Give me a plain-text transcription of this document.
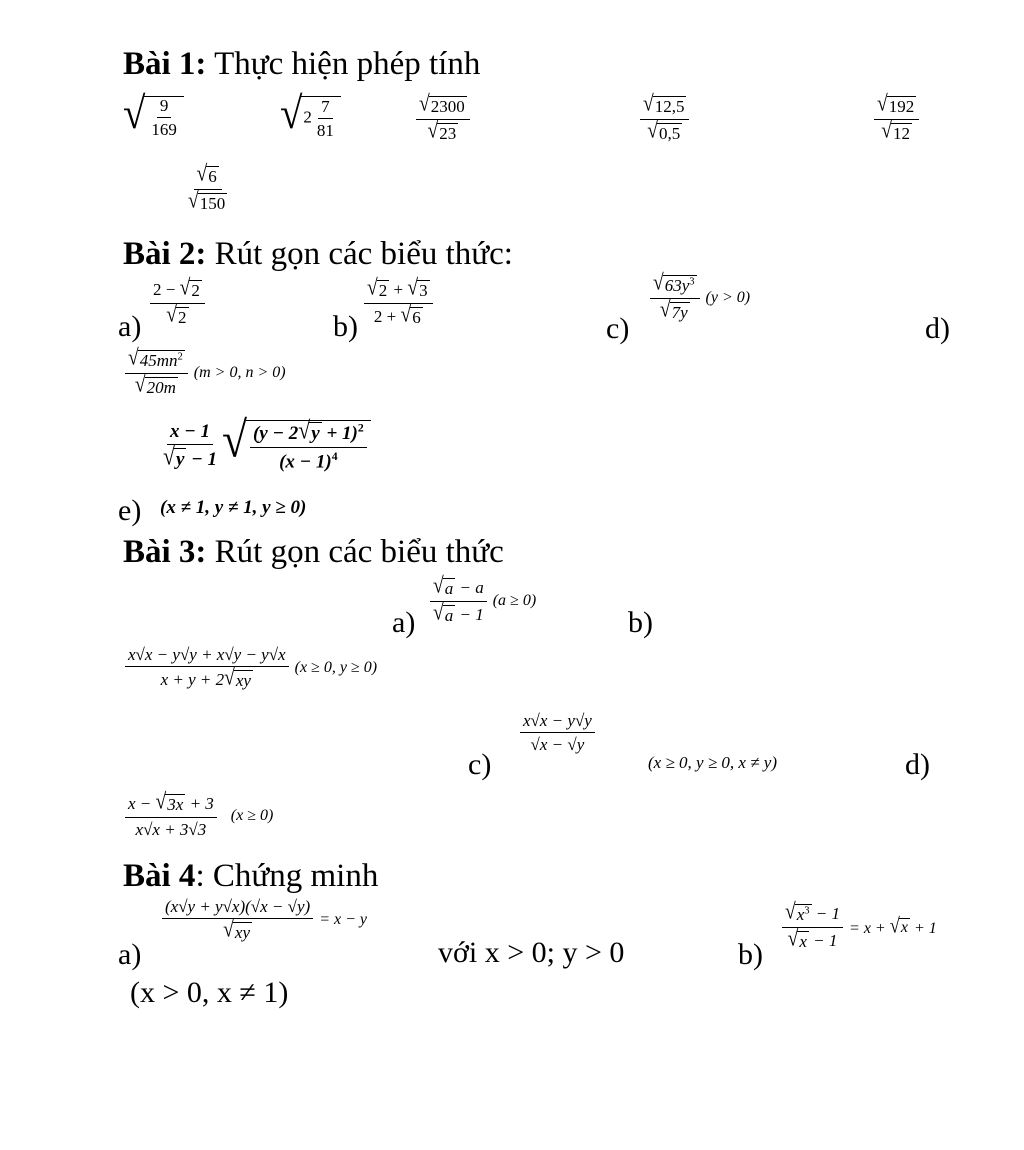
Bài 1: Thực hiện phép tính
√ $\frac{9}{169}$ √ $2 \frac{7}{81}$	$\frac{√ 2300}{√ 23}$	$\frac{√ 12,5}{√ 0,5}$	$\frac{√ 192}{√ 12}$
$\frac{√ 6}{√ 150}$
Bài 2: Rút gọn các biểu thức:
a)
$\frac{2 - √ 2}{√ 2}$
b)
$\frac{√ 2 + √ 3}{2 + √ 6}$
c)
$\frac{√ 63y^3}{√ 7y} (y > 0)$
d)
$\frac{√ 45mn^2}{√ 20m} (m > 0$, n > 0)
$\frac{x - 1}{√ y - 1}$ √ $\frac{(y - 2 √ y + 1)^2}{(x - 1)^4}$
e) (x ≠ 1, y ≠ 1, y ≥ 0)
Bài 3: Rút gọn các biểu thức
$a) \frac{√ a - a}{√ a - 1} (a \ge 0)$
b)
$\frac{x√x - y√y + x√y - y√x}{x + y + 2 √ xy} (x \ge 0$, y ≥ 0)
c)
$\frac{x√x - y√y}{√x - √y}$
(x ≥ 0, y ≥ 0, x ≠ y)	d)
$\frac{x - √ 3x + 3}{x√x + 3√3} (x \ge 0)$
Bài 4: Chứng minh
a)
$\frac{(x√y + y√x)(√x - √y)}{√ xy} = x - y$
với x > 0; y > 0	b)
$\frac{√ x^3 - 1}{√ x - 1} = x$ + √ x + 1
(x > 0, x ≠ 1)
